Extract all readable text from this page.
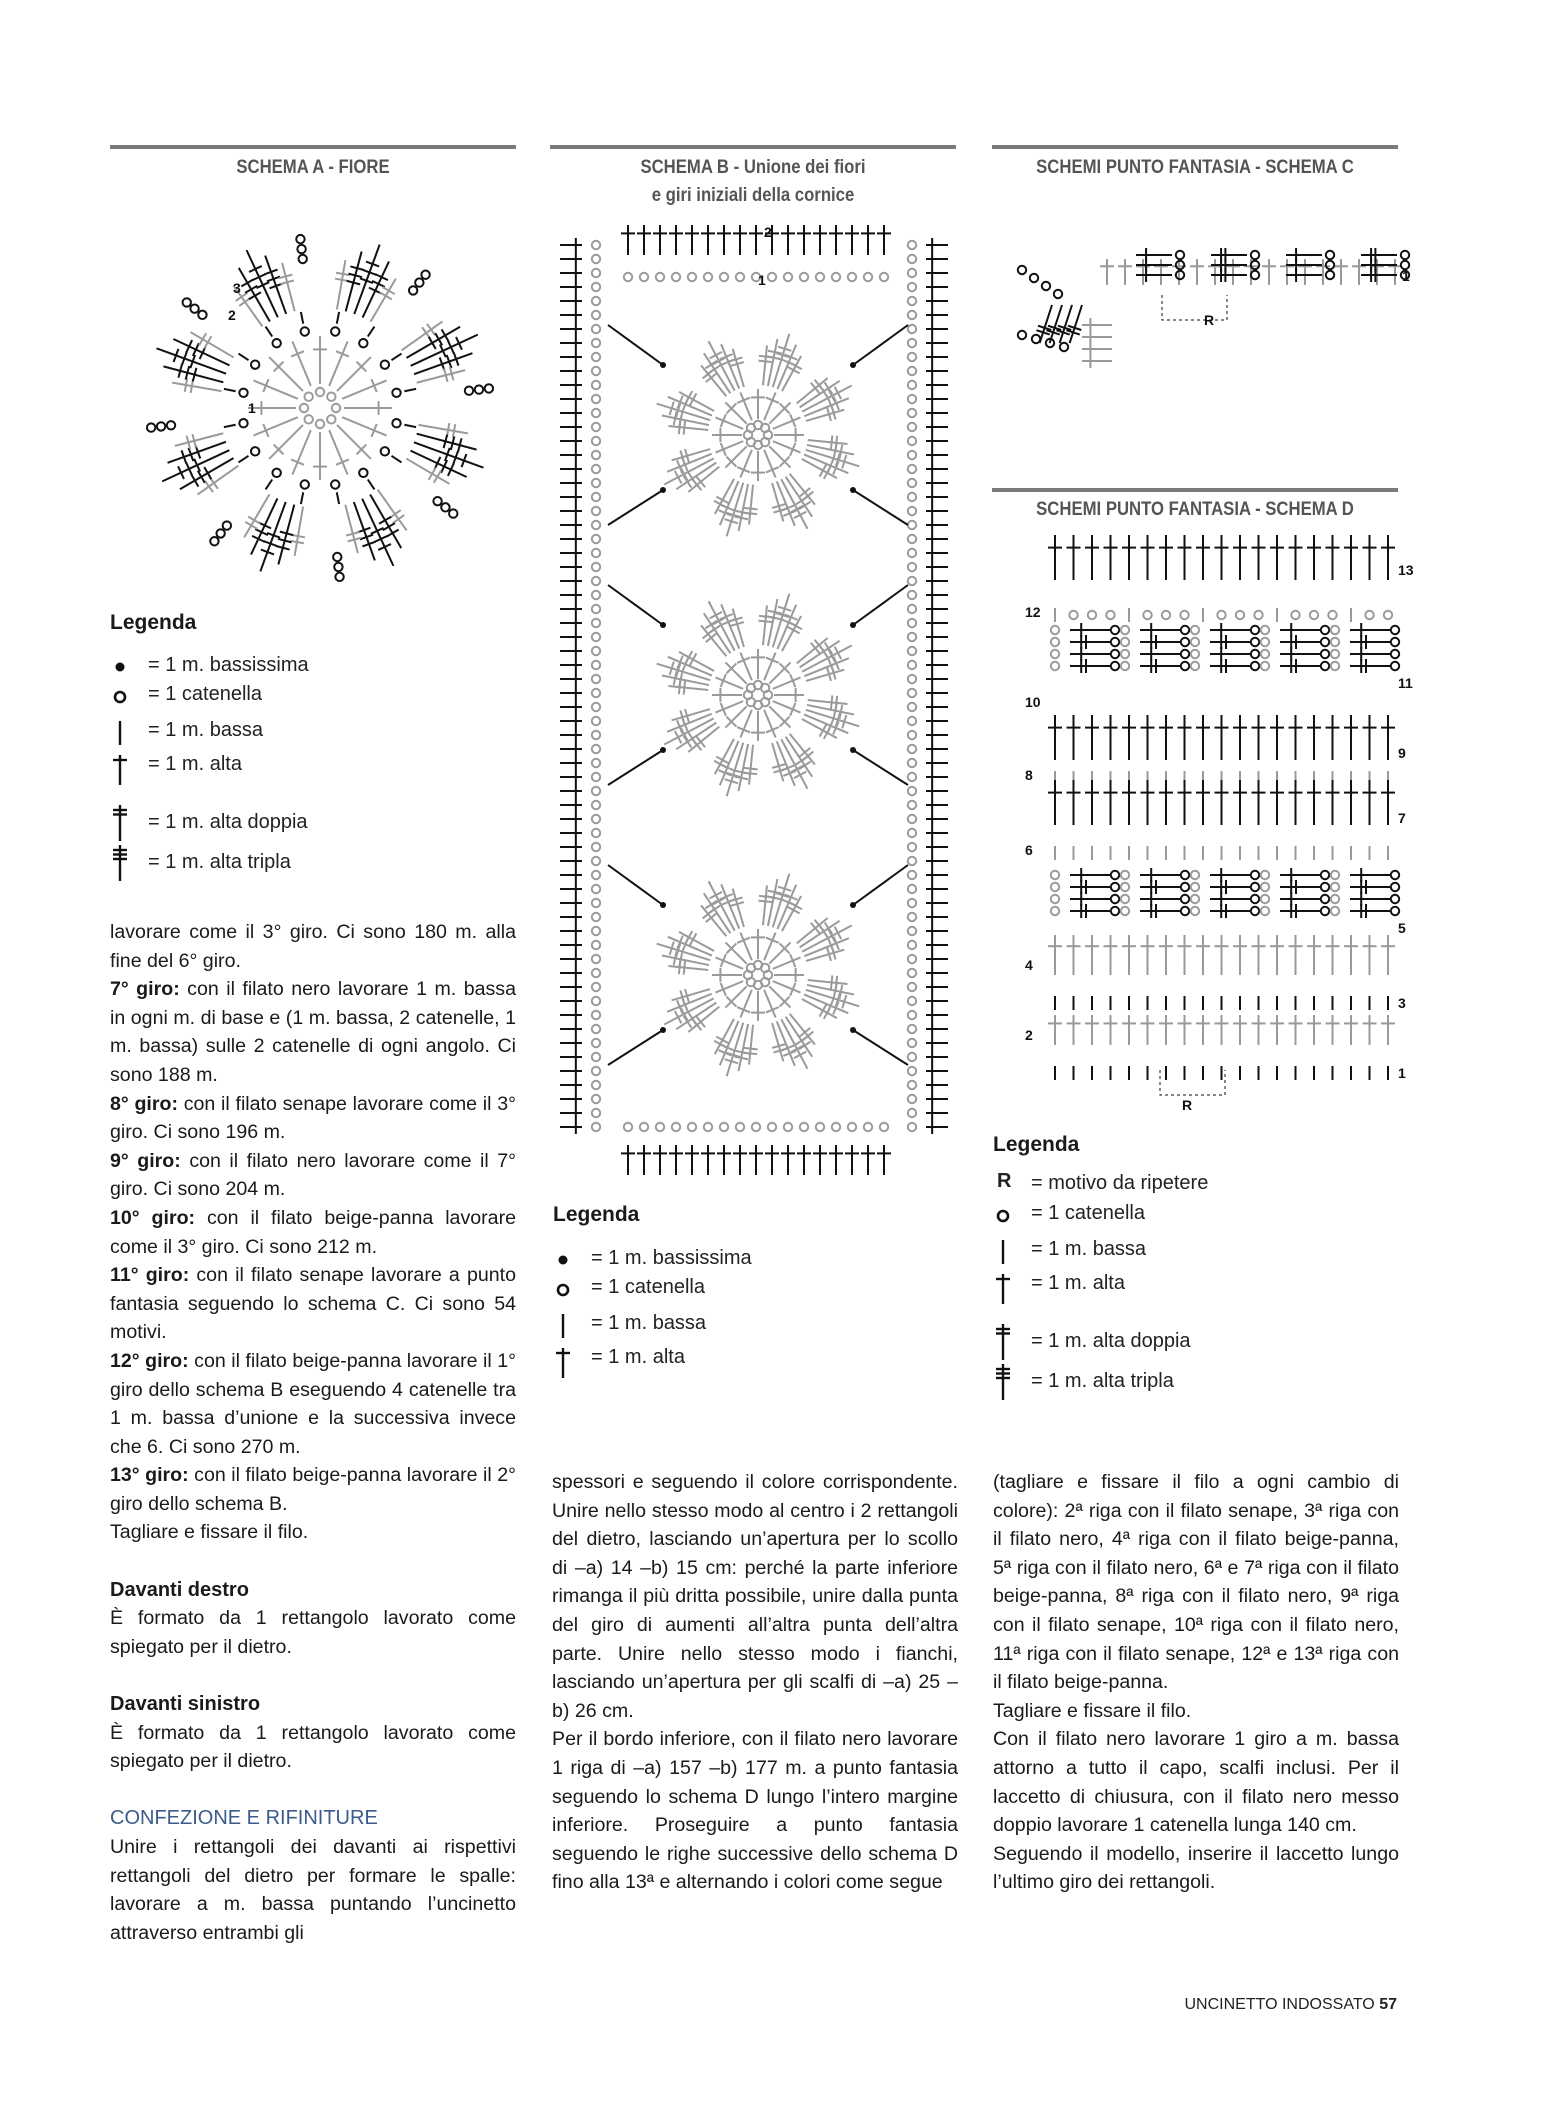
SCHEMA A - FIORE	SCHEMA B - Unione dei fiori
e giri iniziali della cornice
SCHEMI PUNTO FANTASIA - SCHEMA C
SCHEMI PUNTO FANTASIA - SCHEMA D
1
2
3
2
1
R
1
R
1
3
5
7
9
11
13
2
4
6
8
10
12
Legenda
= 1 m. bassissima
= 1 catenella
= 1 m. bassa
= 1 m. alta
= 1 m. alta doppia
= 1 m. alta tripla
Legenda
= 1 m. bassissima
= 1 catenella
= 1 m. bassa
= 1 m. alta
Legenda
R = motivo da ripetere
= 1 catenella
= 1 m. bassa
= 1 m. alta
= 1 m. alta doppia
= 1 m. alta tripla

lavorare come il 3° giro. Ci sono 180 m. alla fine del 6° giro.

7° giro: con il filato nero lavorare 1 m. bassa in ogni m. di base e (1 m. bassa, 2 catenelle, 1 m. bassa) sulle 2 catenelle di ogni angolo. Ci sono 188 m.

8° giro: con il filato senape lavorare come il 3° giro. Ci sono 196 m.

9° giro: con il filato nero lavorare come il 7° giro. Ci sono 204 m.

10° giro: con il filato beige-panna lavorare come il 3° giro. Ci sono 212 m.

11° giro: con il filato senape lavorare a punto fantasia seguendo lo schema C. Ci sono 54 motivi.

12° giro: con il filato beige-panna lavorare il 1° giro dello schema B eseguendo 4 catenelle tra 1 m. bassa d’unione e la successiva invece che 6. Ci sono 270 m.

13° giro: con il filato beige-panna lavorare il 2° giro dello schema B.

Tagliare e fissare il filo.

Davanti destro

È formato da 1 rettangolo lavorato come spiegato per il dietro.

Davanti sinistro

È formato da 1 rettangolo lavorato come spiegato per il dietro.

CONFEZIONE E RIFINITURE

Unire i rettangoli dei davanti ai rispettivi rettangoli del dietro per formare le spalle: lavorare a m. bassa puntando l’uncinetto attraverso entrambi gli

spessori e seguendo il colore corrispondente. Unire nello stesso modo al centro i 2 rettangoli del dietro, lasciando un’apertura per lo scollo di –a) 14 –b) 15 cm: perché la parte inferiore rimanga il più dritta possibile, unire dalla punta del giro di aumenti all’altra punta dell’altra parte. Unire nello stesso modo i fianchi, lasciando un’apertura per gli scalfi di –a) 25 –b) 26 cm.

Per il bordo inferiore, con il filato nero lavorare 1 riga di –a) 157 –b) 177 m. a punto fantasia seguendo lo schema D lungo l’intero margine inferiore. Proseguire a punto fantasia seguendo le righe successive dello schema D fino alla 13ª e alternando i colori come segue

(tagliare e fissare il filo a ogni cambio di colore): 2ª riga con il filato senape, 3ª riga con il filato nero, 4ª riga con il filato beige-panna, 5ª riga con il filato nero, 6ª e 7ª riga con il filato beige-panna, 8ª riga con il filato nero, 9ª riga con il filato senape, 10ª riga con il filato nero, 11ª riga con il filato senape, 12ª e 13ª riga con il filato beige-panna.

Tagliare e fissare il filo.

Con il filato nero lavorare 1 giro a m. bassa attorno a tutto il capo, scalfi inclusi. Per il laccetto di chiusura, con il filato nero messo doppio lavorare 1 catenella lunga 140 cm.

Seguendo il modello, inserire il laccetto lungo l’ultimo giro dei rettangoli.

UNCINETTO INDOSSATO 57
